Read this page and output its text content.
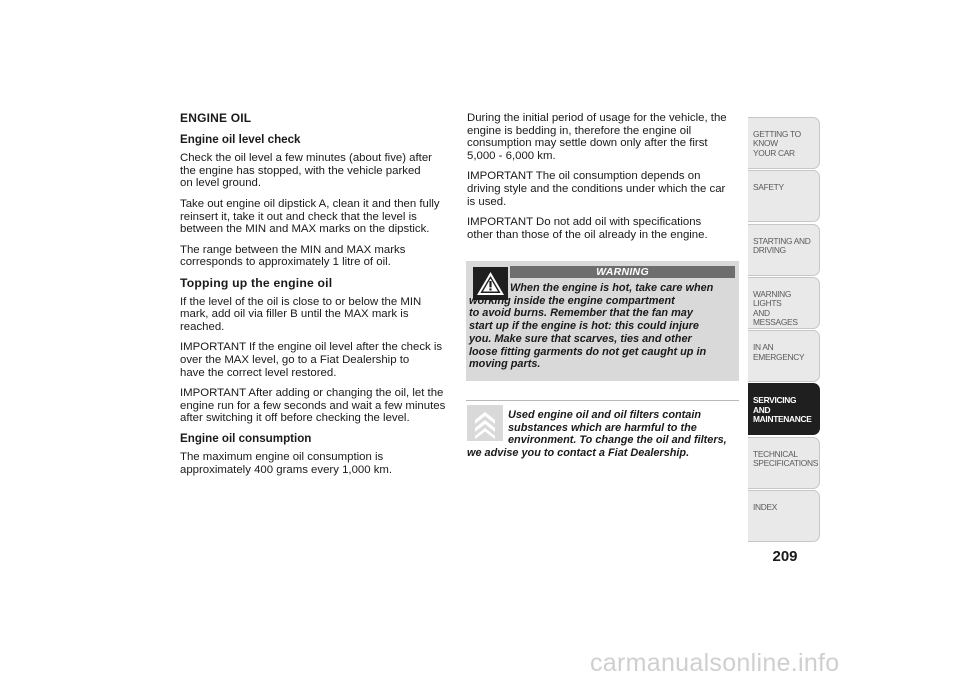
ENGINE OIL
Engine oil level check

Check the oil level a few minutes (about five) after
the engine has stopped, with the vehicle parked
on level ground.

Take out engine oil dipstick A, clean it and then fully
reinsert it, take it out and check that the level is
between the MIN and MAX marks on the dipstick.

The range between the MIN and MAX marks
corresponds to approximately 1 litre of oil.

Topping up the engine oil

If the level of the oil is close to or below the MIN
mark, add oil via filler B until the MAX mark is
reached.

IMPORTANT If the engine oil level after the check is
over the MAX level, go to a Fiat Dealership to
have the correct level restored.

IMPORTANT After adding or changing the oil, let the
engine run for a few seconds and wait a few minutes
after switching it off before checking the level.

Engine oil consumption

The maximum engine oil consumption is
approximately 400 grams every 1,000 km.

During the initial period of usage for the vehicle, the
engine is bedding in, therefore the engine oil
consumption may settle down only after the first
5,000 - 6,000 km.

IMPORTANT The oil consumption depends on
driving style and the conditions under which the car
is used.

IMPORTANT Do not add oil with specifications
other than those of the oil already in the engine.

WARNING
When the engine is hot, take care when
working inside the engine compartment
to avoid burns. Remember that the fan may
start up if the engine is hot: this could injure
you. Make sure that scarves, ties and other
loose fitting garments do not get caught up in
moving parts.
Used engine oil and oil filters contain
substances which are harmful to the
environment. To change the oil and filters,
we advise you to contact a Fiat Dealership.
GETTING TO KNOW
YOUR CAR
SAFETY
STARTING AND
DRIVING
WARNING LIGHTS
AND MESSAGES
IN AN EMERGENCY
SERVICING AND
MAINTENANCE
TECHNICAL
SPECIFICATIONS
INDEX
209
carmanualsonline.info
